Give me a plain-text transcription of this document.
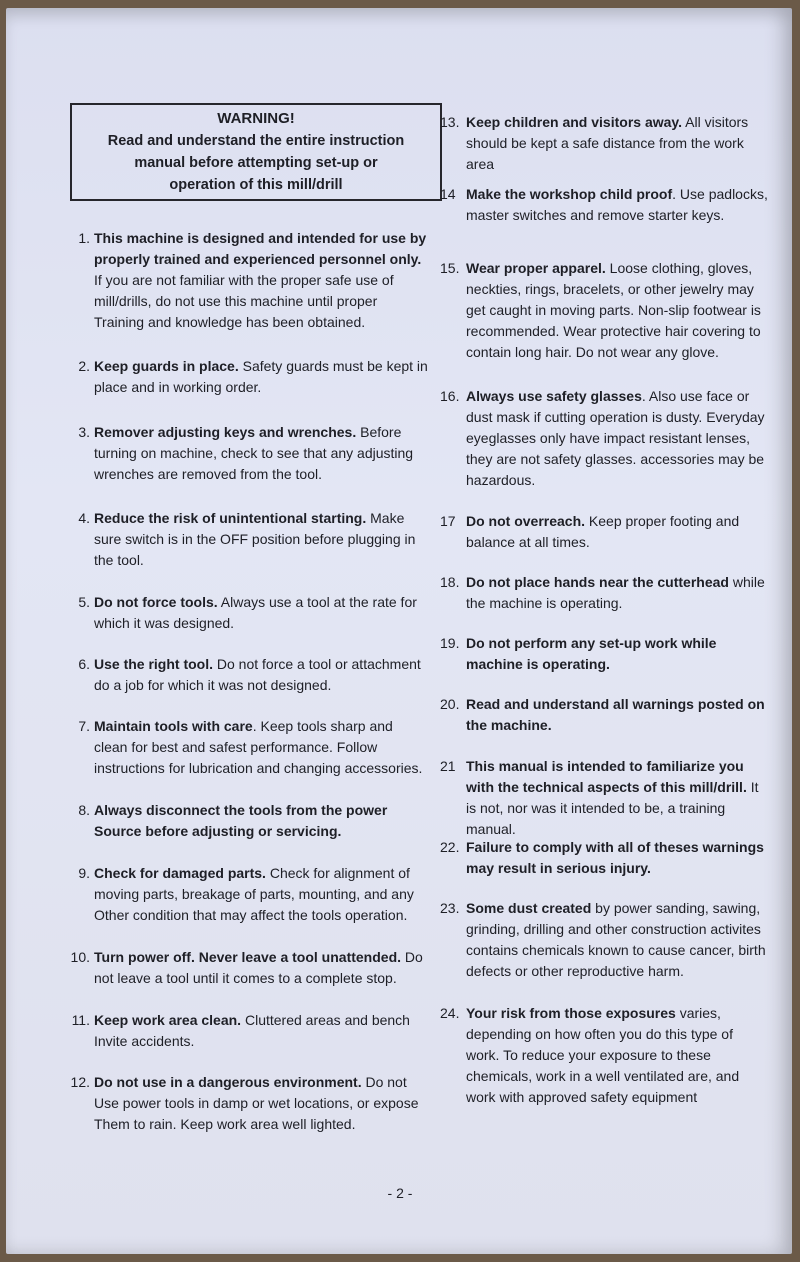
WARNING!
Read and understand the entire instruction
manual before attempting set-up or
operation of this mill/drill
1. This machine is designed and intended for use by properly trained and experienced personnel only. If you are not familiar with the proper safe use of mill/drills, do not use this machine until proper Training and knowledge has been obtained.
2. Keep guards in place. Safety guards must be kept in place and in working order.
3. Remover adjusting keys and wrenches. Before turning on machine, check to see that any adjusting wrenches are removed from the tool.
4. Reduce the risk of unintentional starting. Make sure switch is in the OFF position before plugging in the tool.
5. Do not force tools. Always use a tool at the rate for which it was designed.
6. Use the right tool. Do not force a tool or attachment do a job for which it was not designed.
7. Maintain tools with care. Keep tools sharp and clean for best and safest performance. Follow instructions for lubrication and changing accessories.
8. Always disconnect the tools from the power Source before adjusting or servicing.
9. Check for damaged parts. Check for alignment of moving parts, breakage of parts, mounting, and any Other condition that may affect the tools operation.
10. Turn power off. Never leave a tool unattended. Do not leave a tool until it comes to a complete stop.
11. Keep work area clean. Cluttered areas and bench Invite accidents.
12. Do not use in a dangerous environment. Do not Use power tools in damp or wet locations, or expose Them to rain. Keep work area well lighted.
13. Keep children and visitors away. All visitors should be kept a safe distance from the work area
14 Make the workshop child proof. Use padlocks, master switches and remove starter keys.
15. Wear proper apparel. Loose clothing, gloves, neckties, rings, bracelets, or other jewelry may get caught in moving parts. Non-slip footwear is recommended. Wear protective hair covering to contain long hair. Do not wear any glove.
16. Always use safety glasses. Also use face or dust mask if cutting operation is dusty. Everyday eyeglasses only have impact resistant lenses, they are not safety glasses. accessories may be hazardous.
17 Do not overreach. Keep proper footing and balance at all times.
18. Do not place hands near the cutterhead while the machine is operating.
19. Do not perform any set-up work while machine is operating.
20. Read and understand all warnings posted on the machine.
21 This manual is intended to familiarize you with the technical aspects of this mill/drill. It is not, nor was it intended to be, a training manual.
22. Failure to comply with all of theses warnings may result in serious injury.
23. Some dust created by power sanding, sawing, grinding, drilling and other construction activites contains chemicals known to cause cancer, birth defects or other reproductive harm.
24. Your risk from those exposures varies, depending on how often you do this type of work. To reduce your exposure to these chemicals, work in a well ventilated are, and work with approved safety equipment
- 2 -
